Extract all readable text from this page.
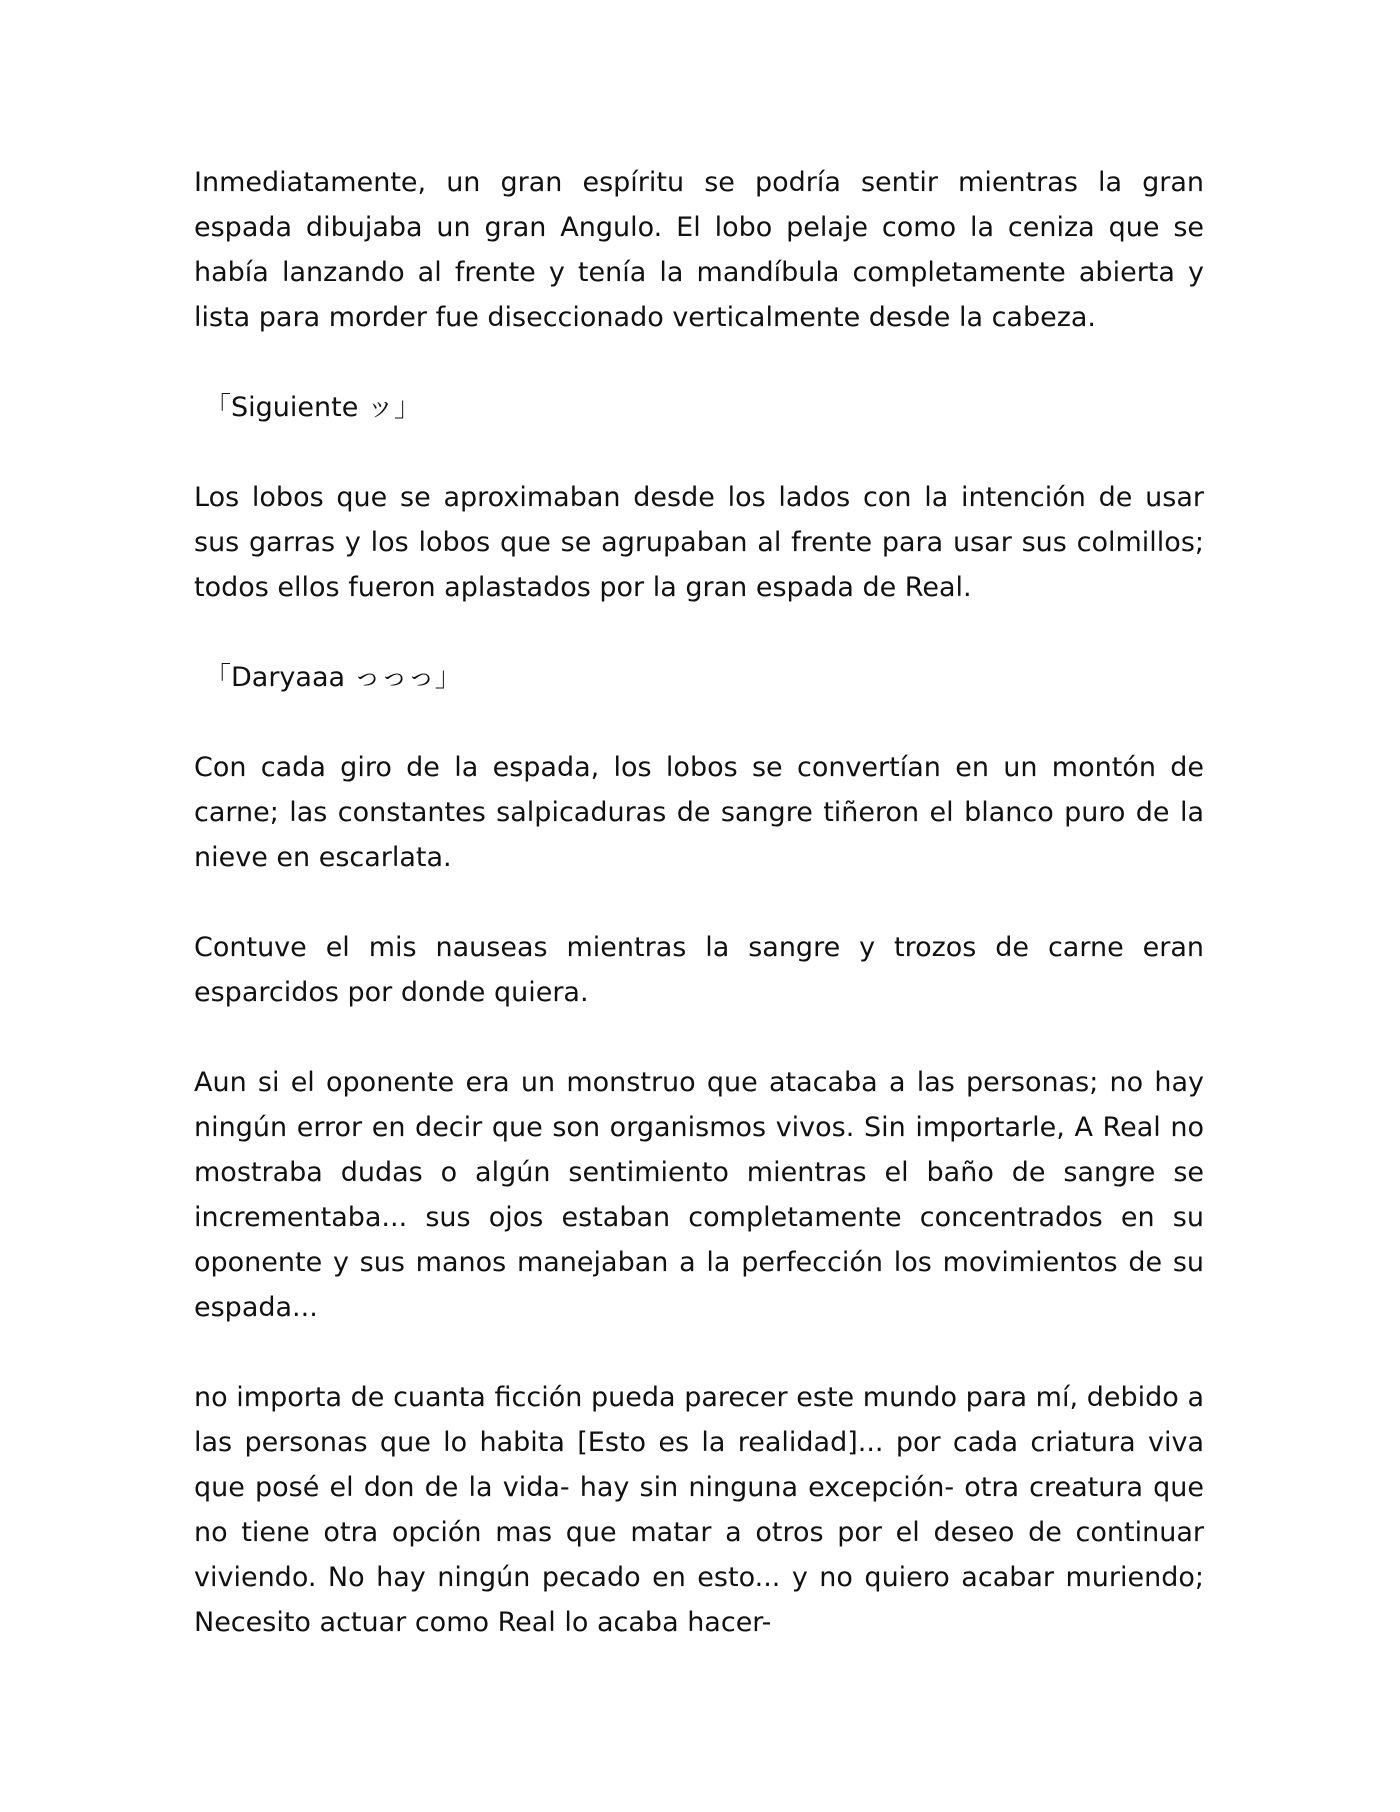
Inmediatamente, un gran espíritu se podría sentir mientras la gran espada dibujaba un gran Angulo. El lobo pelaje como la ceniza que se había lanzando al frente y tenía la mandíbula completamente abierta y lista para morder fue diseccionado verticalmente desde la cabeza.

「Siguiente ッ」

Los lobos que se aproximaban desde los lados con la intención de usar sus garras y los lobos que se agrupaban al frente para usar sus colmillos; todos ellos fueron aplastados por la gran espada de Real.

「Daryaaa っっっ」

Con cada giro de la espada, los lobos se convertían en un montón de carne; las constantes salpicaduras de sangre tiñeron el blanco puro de la nieve en escarlata.

Contuve el mis nauseas mientras la sangre y trozos de carne eran esparcidos por donde quiera.

Aun si el oponente era un monstruo que atacaba a las personas; no hay ningún error en decir que son organismos vivos. Sin importarle, A Real no mostraba dudas o algún sentimiento mientras el baño de sangre se incrementaba... sus ojos estaban completamente concentrados en su oponente y sus manos manejaban a la perfección los movimientos de su espada...

no importa de cuanta ficción pueda parecer este mundo para mí, debido a las personas que lo habita [Esto es la realidad]... por cada criatura viva que posé el don de la vida- hay sin ninguna excepción- otra creatura que no tiene otra opción mas que matar a otros por el deseo de continuar viviendo. No hay ningún pecado en esto... y no quiero acabar muriendo; Necesito actuar como Real lo acaba hacer-
